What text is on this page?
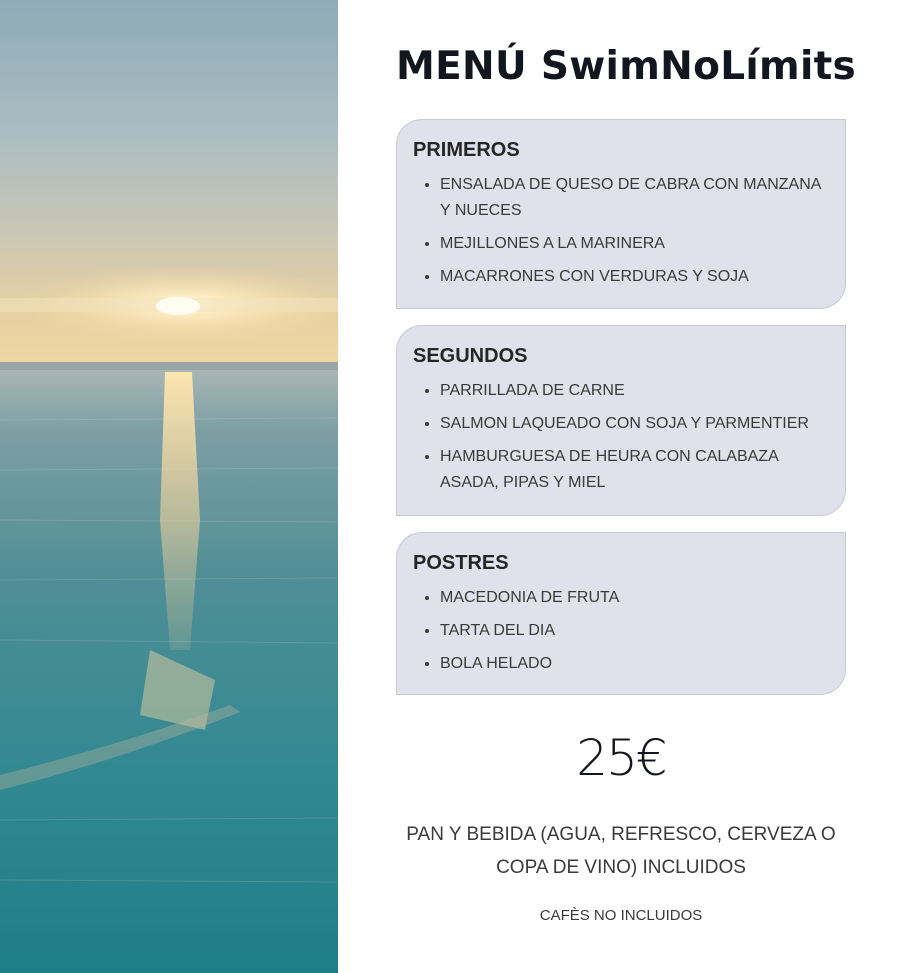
MENÚ SwimNoLímits
PRIMEROS
• ENSALADA DE QUESO DE CABRA CON MANZANA Y NUECES
• MEJILLONES A LA MARINERA
• MACARRONES CON VERDURAS Y SOJA
SEGUNDOS
• PARRILLADA DE CARNE
• SALMON LAQUEADO CON SOJA Y PARMENTIER
• HAMBURGUESA DE HEURA CON CALABAZA ASADA, PIPAS Y MIEL
POSTRES
• MACEDONIA DE FRUTA
• TARTA DEL DIA
• BOLA HELADO
25€
PAN Y BEBIDA (AGUA, REFRESCO, CERVEZA O COPA DE VINO) INCLUIDOS
CAFÈS NO INCLUIDOS
